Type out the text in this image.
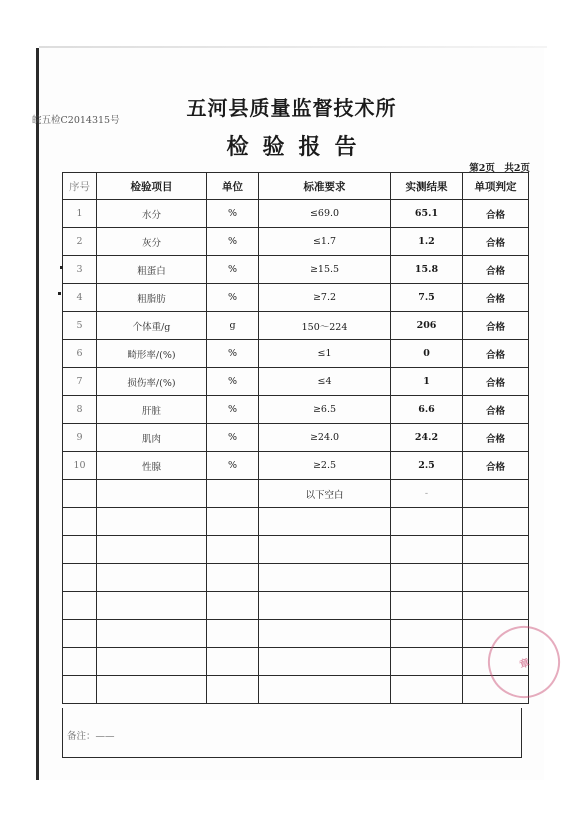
五河县质量监督技术所
检验报告
皖五检C2014315号
第2页　共2页
序号	检验项目	单位	标准要求	实测结果	单项判定
1	水分	%	≤69.0	65.1	合格
2	灰分	%	≤1.7	1.2	合格
3	粗蛋白	%	≥15.5	15.8	合格
4	粗脂肪	%	≥7.2	7.5	合格
5	个体重/g	g	150～224	206	合格
6	畸形率/(%)	%	≤1	0	合格
7	损伤率/(%)	%	≤4	1	合格
8	肝脏	%	≥6.5	6.6	合格
9	肌肉	%	≥24.0	24.2	合格
10	性腺	%	≥2.5	2.5	合格
			以下空白	-	

备注：——
章
